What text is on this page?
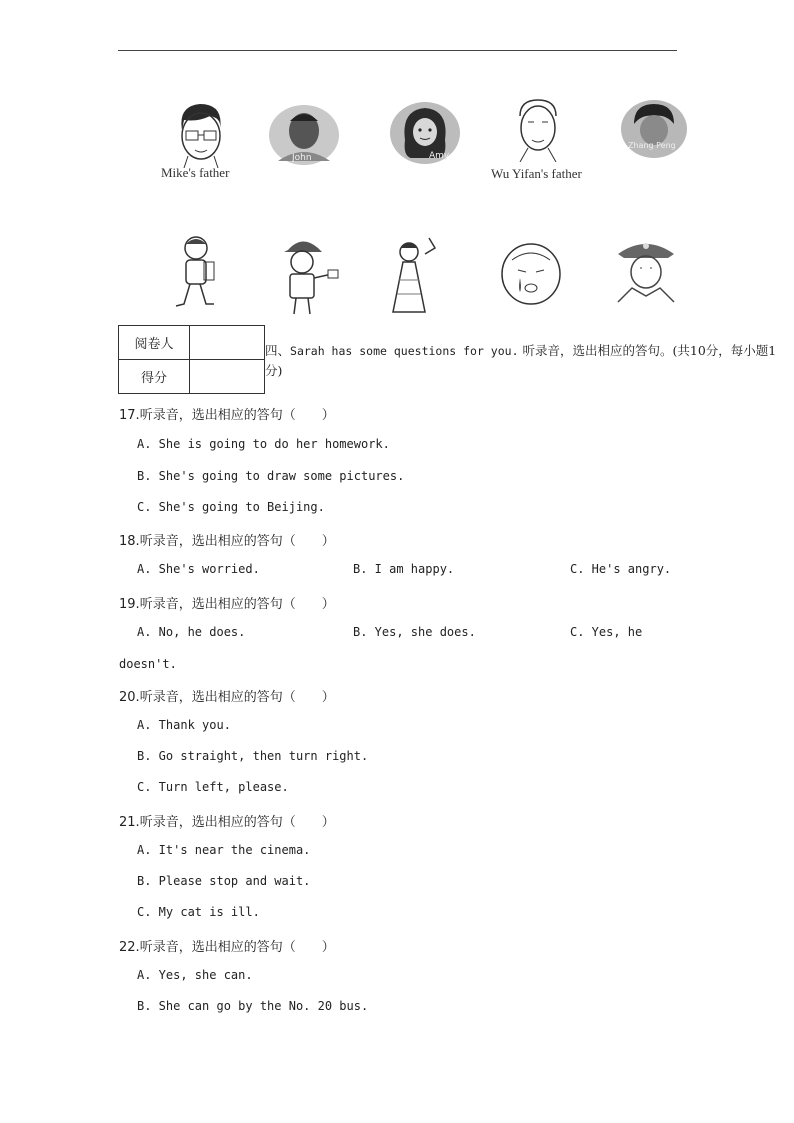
Mike's father
John	Amy
Wu Yifan's father
Zhang Peng
阅卷人	
得分	
四、Sarah has some questions for you. 听录音，选出相应的答句。(共10分，每小题1分)
17.听录音，选出相应的答句（　　）
A. She is going to do her homework.
B. She's going to draw some pictures.
C. She's going to Beijing.
18.听录音，选出相应的答句（　　）
A. She's worried.	B. I am happy.	C. He's angry.
19.听录音，选出相应的答句（　　）
A. No, he does.	B. Yes, she does.	C. Yes, he
doesn't.
20.听录音，选出相应的答句（　　）
A. Thank you.
B. Go straight, then turn right.
C. Turn left, please.
21.听录音，选出相应的答句（　　）
A. It's near the cinema.
B. Please stop and wait.
C. My cat is ill.
22.听录音，选出相应的答句（　　）
A. Yes, she can.
B. She can go by the No. 20 bus.
